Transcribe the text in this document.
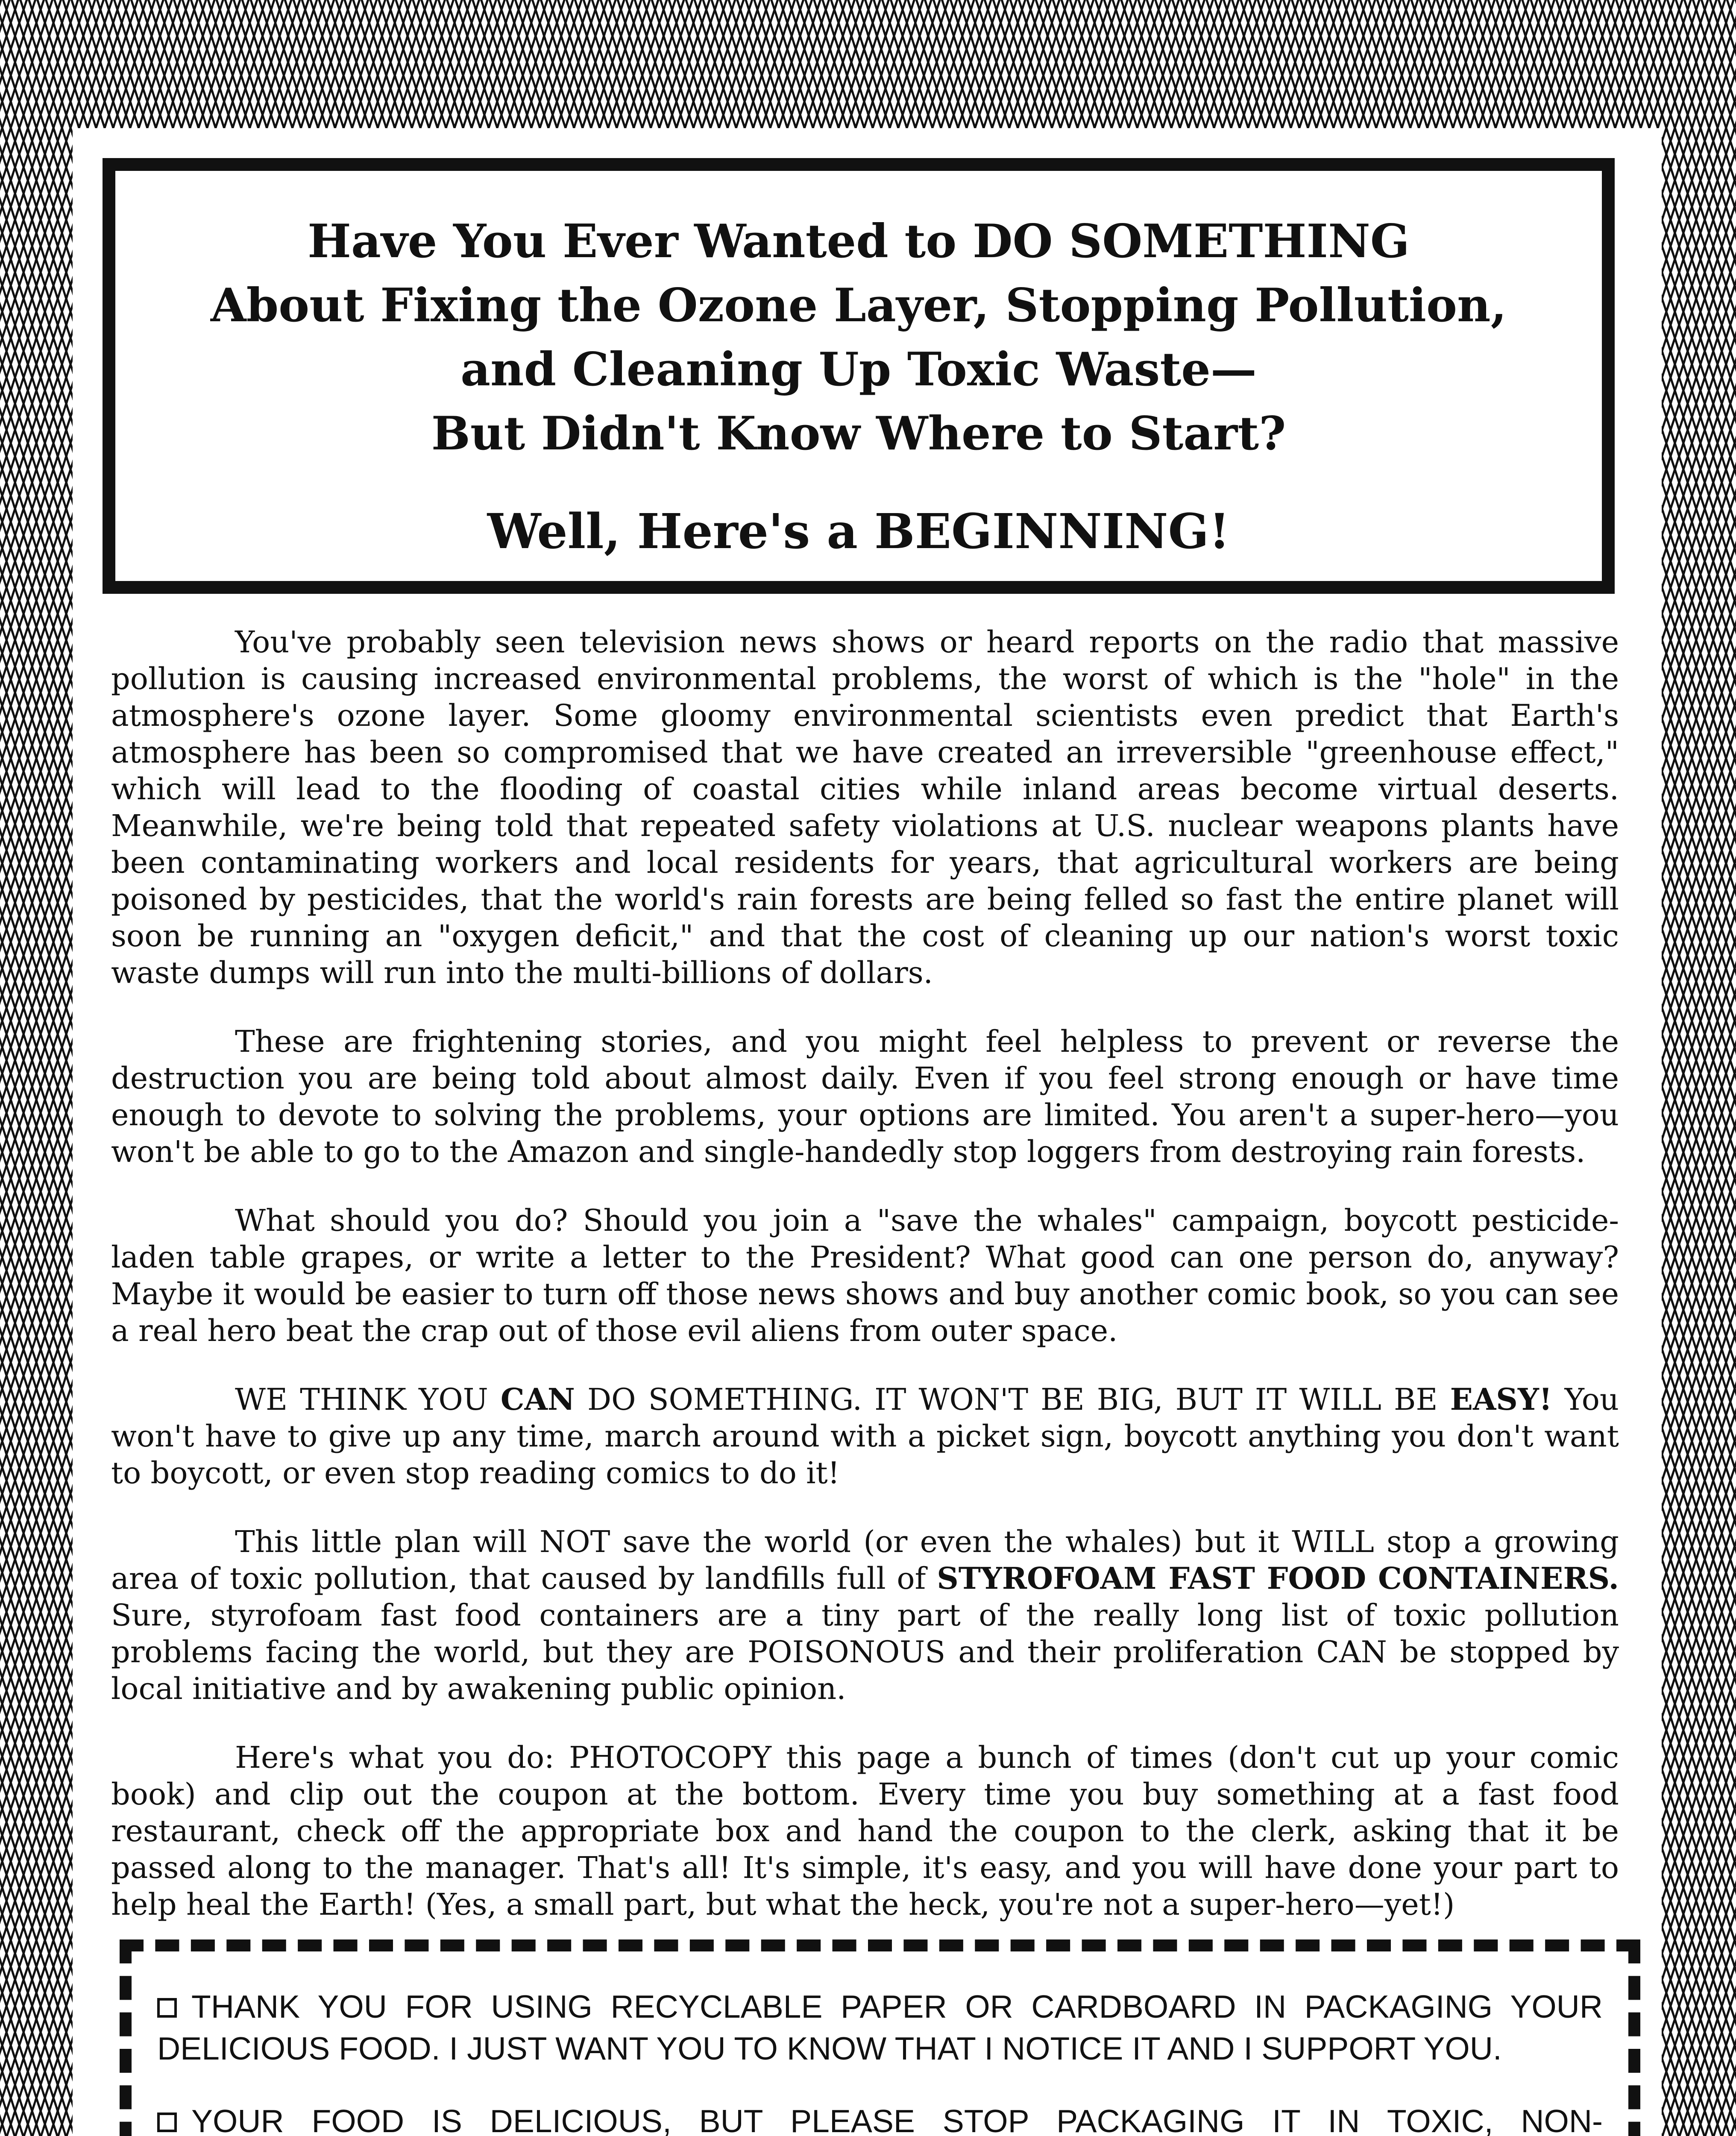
Have You Ever Wanted to DO SOMETHING
About Fixing the Ozone Layer, Stopping Pollution,
and Cleaning Up Toxic Waste—
But Didn't Know Where to Start?
Well, Here's a BEGINNING!

You've probably seen television news shows or heard reports on the radio that massive pollution is causing increased environmental problems, the worst of which is the "hole" in the atmosphere's ozone layer. Some gloomy environmental scientists even predict that Earth's atmosphere has been so compromised that we have created an irreversible "greenhouse effect," which will lead to the flooding of coastal cities while inland areas become virtual deserts. Meanwhile, we're being told that repeated safety violations at U.S. nuclear weapons plants have been contaminating workers and local residents for years, that agricultural workers are being poisoned by pesticides, that the world's rain forests are being felled so fast the entire planet will soon be running an "oxygen deficit," and that the cost of cleaning up our nation's worst toxic waste dumps will run into the multi-billions of dollars.

These are frightening stories, and you might feel helpless to prevent or reverse the destruction you are being told about almost daily. Even if you feel strong enough or have time enough to devote to solving the problems, your options are limited. You aren't a super-hero—you won't be able to go to the Amazon and single-handedly stop loggers from destroying rain forests.

What should you do? Should you join a "save the whales" campaign, boycott pesticide-laden table grapes, or write a letter to the President? What good can one person do, anyway? Maybe it would be easier to turn off those news shows and buy another comic book, so you can see a real hero beat the crap out of those evil aliens from outer space.

WE THINK YOU CAN DO SOMETHING. IT WON'T BE BIG, BUT IT WILL BE EASY! You won't have to give up any time, march around with a picket sign, boycott anything you don't want to boycott, or even stop reading comics to do it!

This little plan will NOT save the world (or even the whales) but it WILL stop a growing area of toxic pollution, that caused by landfills full of STYROFOAM FAST FOOD CONTAINERS. Sure, styrofoam fast food containers are a tiny part of the really long list of toxic pollution problems facing the world, but they are POISONOUS and their proliferation CAN be stopped by local initiative and by awakening public opinion.

Here's what you do: PHOTOCOPY this page a bunch of times (don't cut up your comic book) and clip out the coupon at the bottom. Every time you buy something at a fast food restaurant, check off the appropriate box and hand the coupon to the clerk, asking that it be passed along to the manager. That's all! It's simple, it's easy, and you will have done your part to help heal the Earth! (Yes, a small part, but what the heck, you're not a super-hero—yet!)

THANK YOU FOR USING RECYCLABLE PAPER OR CARDBOARD IN PACKAGING YOUR DELICIOUS FOOD. I JUST WANT YOU TO KNOW THAT I NOTICE IT AND I SUPPORT YOU.
YOUR FOOD IS DELICIOUS, BUT PLEASE STOP PACKAGING IT IN TOXIC, NON-
